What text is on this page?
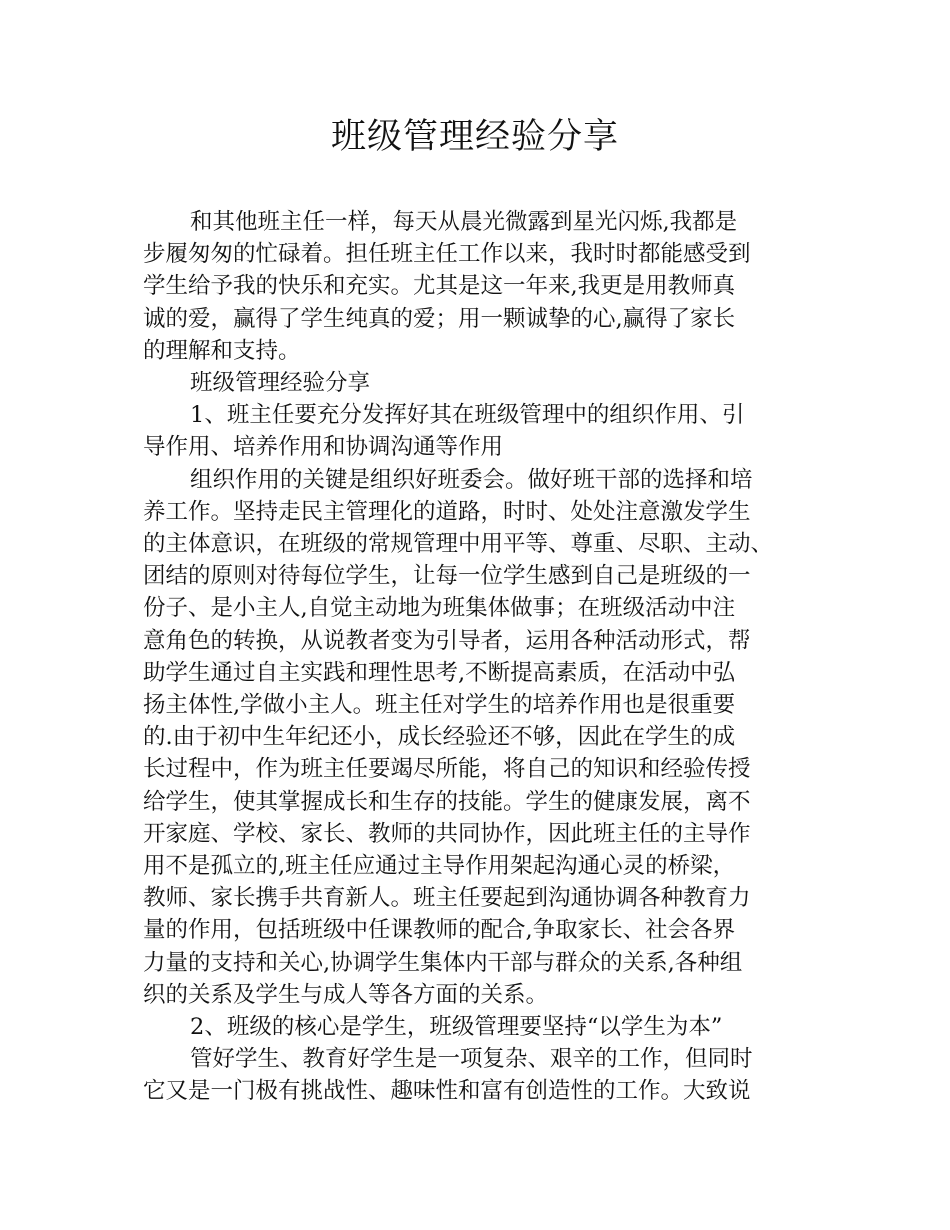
班级管理经验分享

和其他班主任一样，每天从晨光微露到星光闪烁,我都是
步履匆匆的忙碌着。担任班主任工作以来，我时时都能感受到
学生给予我的快乐和充实。尤其是这一年来,我更是用教师真
诚的爱，赢得了学生纯真的爱；用一颗诚挚的心,赢得了家长
的理解和支持。

班级管理经验分享

1、班主任要充分发挥好其在班级管理中的组织作用、引
导作用、培养作用和协调沟通等作用

组织作用的关键是组织好班委会。做好班干部的选择和培
养工作。坚持走民主管理化的道路，时时、处处注意激发学生
的主体意识，在班级的常规管理中用平等、尊重、尽职、主动、
团结的原则对待每位学生，让每一位学生感到自己是班级的一
份子、是小主人,自觉主动地为班集体做事；在班级活动中注
意角色的转换，从说教者变为引导者，运用各种活动形式，帮
助学生通过自主实践和理性思考,不断提高素质，在活动中弘
扬主体性,学做小主人。班主任对学生的培养作用也是很重要
的.由于初中生年纪还小，成长经验还不够，因此在学生的成
长过程中，作为班主任要竭尽所能，将自己的知识和经验传授
给学生，使其掌握成长和生存的技能。学生的健康发展，离不
开家庭、学校、家长、教师的共同协作，因此班主任的主导作
用不是孤立的,班主任应通过主导作用架起沟通心灵的桥梁，
教师、家长携手共育新人。班主任要起到沟通协调各种教育力
量的作用，包括班级中任课教师的配合,争取家长、社会各界
力量的支持和关心,协调学生集体内干部与群众的关系,各种组
织的关系及学生与成人等各方面的关系。

2、班级的核心是学生，班级管理要坚持“以学生为本”

管好学生、教育好学生是一项复杂、艰辛的工作，但同时
它又是一门极有挑战性、趣味性和富有创造性的工作。大致说
